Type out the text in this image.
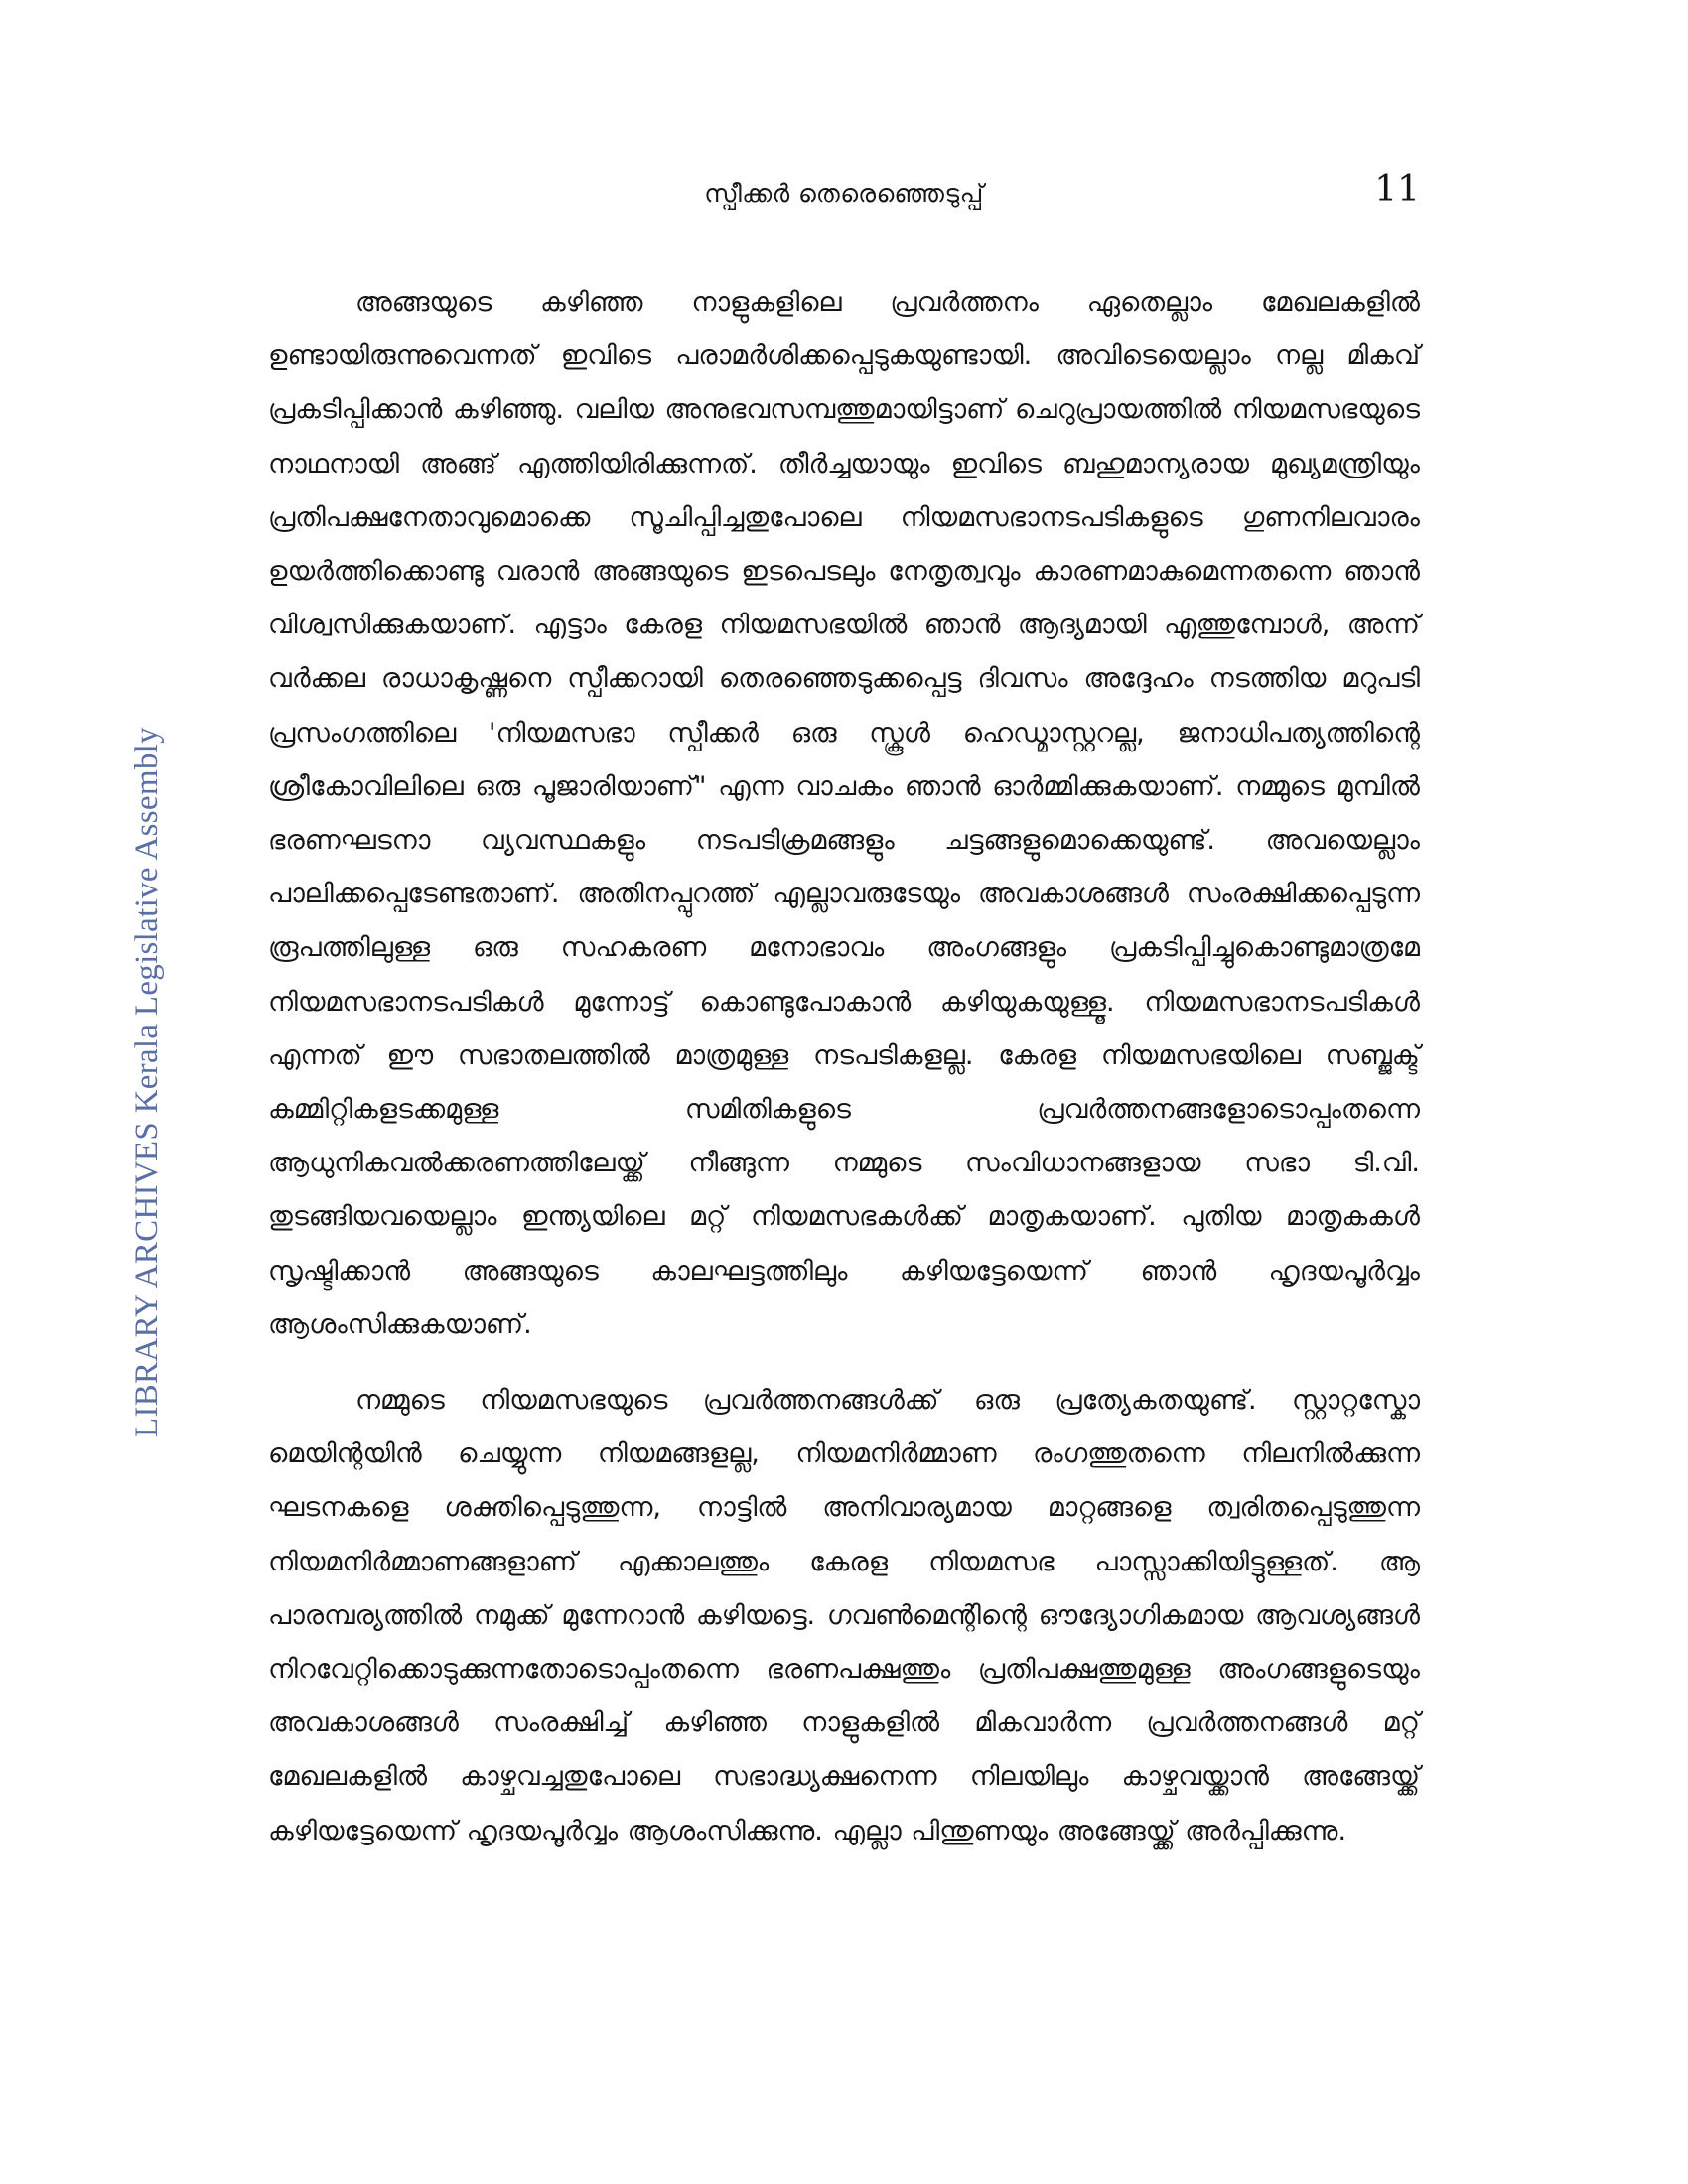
സ്പീക്കർ തെരെഞ്ഞെടുപ്പ്	11
LIBRARY ARCHIVES Kerala Legislative Assembly

അങ്ങയുടെ കഴിഞ്ഞ നാളുകളിലെ പ്രവർത്തനം ഏതെല്ലാം മേഖലകളിൽ ഉണ്ടായിരുന്നുവെന്നത് ഇവിടെ പരാമർശിക്കപ്പെടുകയുണ്ടായി. അവിടെയെല്ലാം നല്ല മികവ് പ്രകടിപ്പിക്കാൻ കഴിഞ്ഞു. വലിയ അനുഭവസമ്പത്തുമായിട്ടാണ് ചെറുപ്രായത്തിൽ നിയമസഭയുടെ നാഥനായി അങ്ങ് എത്തിയിരിക്കുന്നത്. തീർച്ചയായും ഇവിടെ ബഹുമാന്യരായ മുഖ്യമന്ത്രിയും പ്രതിപക്ഷനേതാവുമൊക്കെ സൂചിപ്പിച്ചതുപോലെ നിയമസഭാനടപടികളുടെ ഗുണനിലവാരം ഉയർത്തിക്കൊണ്ടു വരാൻ അങ്ങയുടെ ഇടപെടലും നേതൃത്വവും കാരണമാകുമെന്നതന്നെ ഞാൻ വിശ്വസിക്കുകയാണ്. എട്ടാം കേരള നിയമസഭയിൽ ഞാൻ ആദ്യമായി എത്തുമ്പോൾ, അന്ന് വർക്കല രാധാകൃഷ്ണനെ സ്പീക്കറായി തെരഞ്ഞെടുക്കപ്പെട്ട ദിവസം അദ്ദേഹം നടത്തിയ മറുപടി പ്രസംഗത്തിലെ 'നിയമസഭാ സ്പീക്കർ ഒരു സ്കൂൾ ഹെഡ്മാസ്റ്ററല്ല, ജനാധിപത്യത്തിന്റെ ശ്രീകോവിലിലെ ഒരു പൂജാരിയാണ്" എന്ന വാചകം ഞാൻ ഓർമ്മിക്കുകയാണ്. നമ്മുടെ മുമ്പിൽ ഭരണഘടനാ വ്യവസ്ഥകളും നടപടിക്രമങ്ങളും ചട്ടങ്ങളുമൊക്കെയുണ്ട്. അവയെല്ലാം പാലിക്കപ്പെടേണ്ടതാണ്. അതിനപ്പുറത്ത് എല്ലാവരുടേയും അവകാശങ്ങൾ സംരക്ഷിക്കപ്പെടുന്ന രൂപത്തിലുള്ള ഒരു സഹകരണ മനോഭാവം അംഗങ്ങളും പ്രകടിപ്പിച്ചുകൊണ്ടുമാത്രമേ നിയമസഭാനടപടികൾ മുന്നോട്ട് കൊണ്ടുപോകാൻ കഴിയുകയുള്ളൂ. നിയമസഭാനടപടികൾ എന്നത് ഈ സഭാതലത്തിൽ മാത്രമുള്ള നടപടികളല്ല. കേരള നിയമസഭയിലെ സബ്ജക്ട് കമ്മിറ്റികളടക്കമുള്ള സമിതികളുടെ പ്രവർത്തനങ്ങളോടൊപ്പംതന്നെ ആധുനികവൽക്കരണത്തിലേയ്ക്ക് നീങ്ങുന്ന നമ്മുടെ സംവിധാനങ്ങളായ സഭാ ടി.വി. തുടങ്ങിയവയെല്ലാം ഇന്ത്യയിലെ മറ്റ് നിയമസഭകൾക്ക് മാതൃകയാണ്. പുതിയ മാതൃകകൾ സൃഷ്ടിക്കാൻ അങ്ങയുടെ കാലഘട്ടത്തിലും കഴിയട്ടേയെന്ന് ഞാൻ ഹൃദയപൂർവ്വം ആശംസിക്കുകയാണ്.

നമ്മുടെ നിയമസഭയുടെ പ്രവർത്തനങ്ങൾക്ക് ഒരു പ്രത്യേകതയുണ്ട്. സ്റ്റാറ്റസ്കോ മെയിന്റയിൻ ചെയ്യുന്ന നിയമങ്ങളല്ല, നിയമനിർമ്മാണ രംഗത്തുതന്നെ നിലനിൽക്കുന്ന ഘടനകളെ ശക്തിപ്പെടുത്തുന്ന, നാട്ടിൽ അനിവാര്യമായ മാറ്റങ്ങളെ ത്വരിതപ്പെടുത്തുന്ന നിയമനിർമ്മാണങ്ങളാണ് എക്കാലത്തും കേരള നിയമസഭ പാസ്സാക്കിയിട്ടുള്ളത്. ആ പാരമ്പര്യത്തിൽ നമുക്ക് മുന്നേറാൻ കഴിയട്ടെ. ഗവൺമെന്റിന്റെ ഔദ്യോഗികമായ ആവശ്യങ്ങൾ നിറവേറ്റിക്കൊടുക്കുന്നതോടൊപ്പംതന്നെ ഭരണപക്ഷത്തും പ്രതിപക്ഷത്തുമുള്ള അംഗങ്ങളുടെയും അവകാശങ്ങൾ സംരക്ഷിച്ച് കഴിഞ്ഞ നാളുകളിൽ മികവാർന്ന പ്രവർത്തനങ്ങൾ മറ്റ് മേഖലകളിൽ കാഴ്ചവച്ചതുപോലെ സഭാദ്ധ്യക്ഷനെന്ന നിലയിലും കാഴ്ചവയ്ക്കാൻ അങ്ങേയ്ക്ക് കഴിയട്ടേയെന്ന് ഹൃദയപൂർവ്വം ആശംസിക്കുന്നു. എല്ലാ പിന്തുണയും അങ്ങേയ്ക്ക് അർപ്പിക്കുന്നു.
